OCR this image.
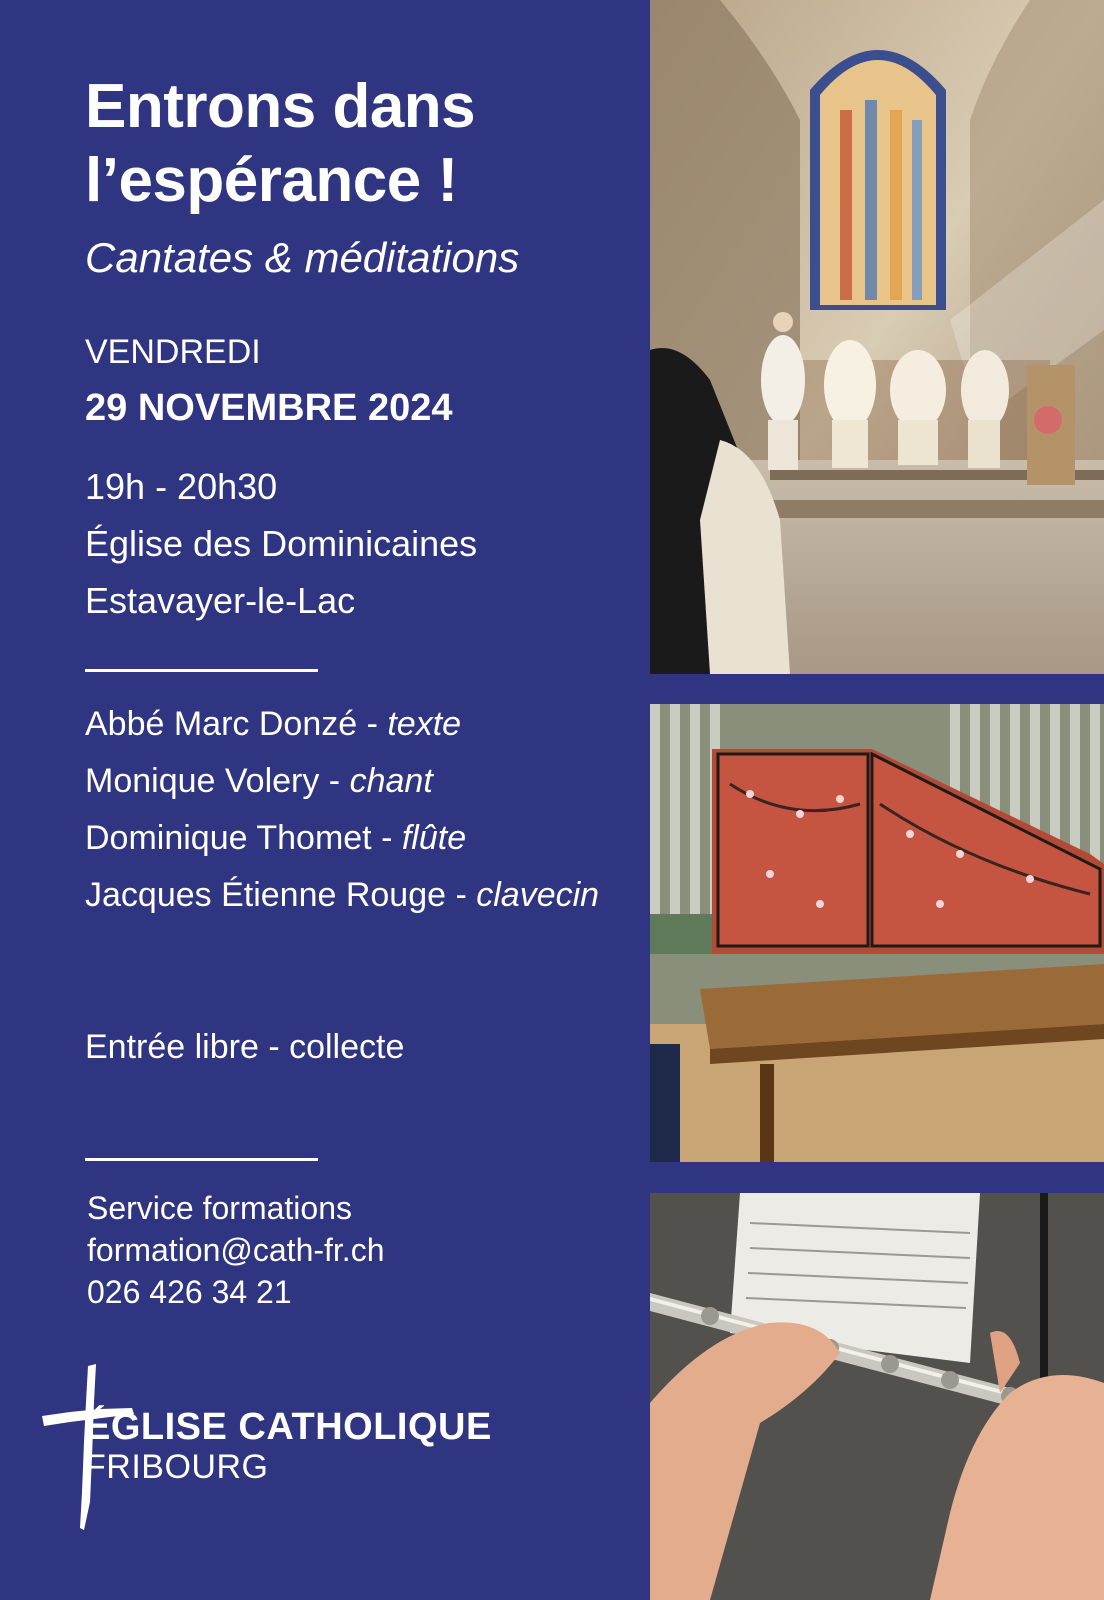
Entrons dans
l’espérance !
Cantates & méditations
VENDREDI
29 NOVEMBRE 2024
19h - 20h30
Église des Dominicaines
Estavayer-le-Lac
Abbé Marc Donzé - texte
Monique Volery - chant
Dominique Thomet - flûte
Jacques Étienne Rouge - clavecin
Entrée libre - collecte
Service formations
formation@cath-fr.ch
026 426 34 21
ÉGLISE CATHOLIQUE
FRIBOURG
